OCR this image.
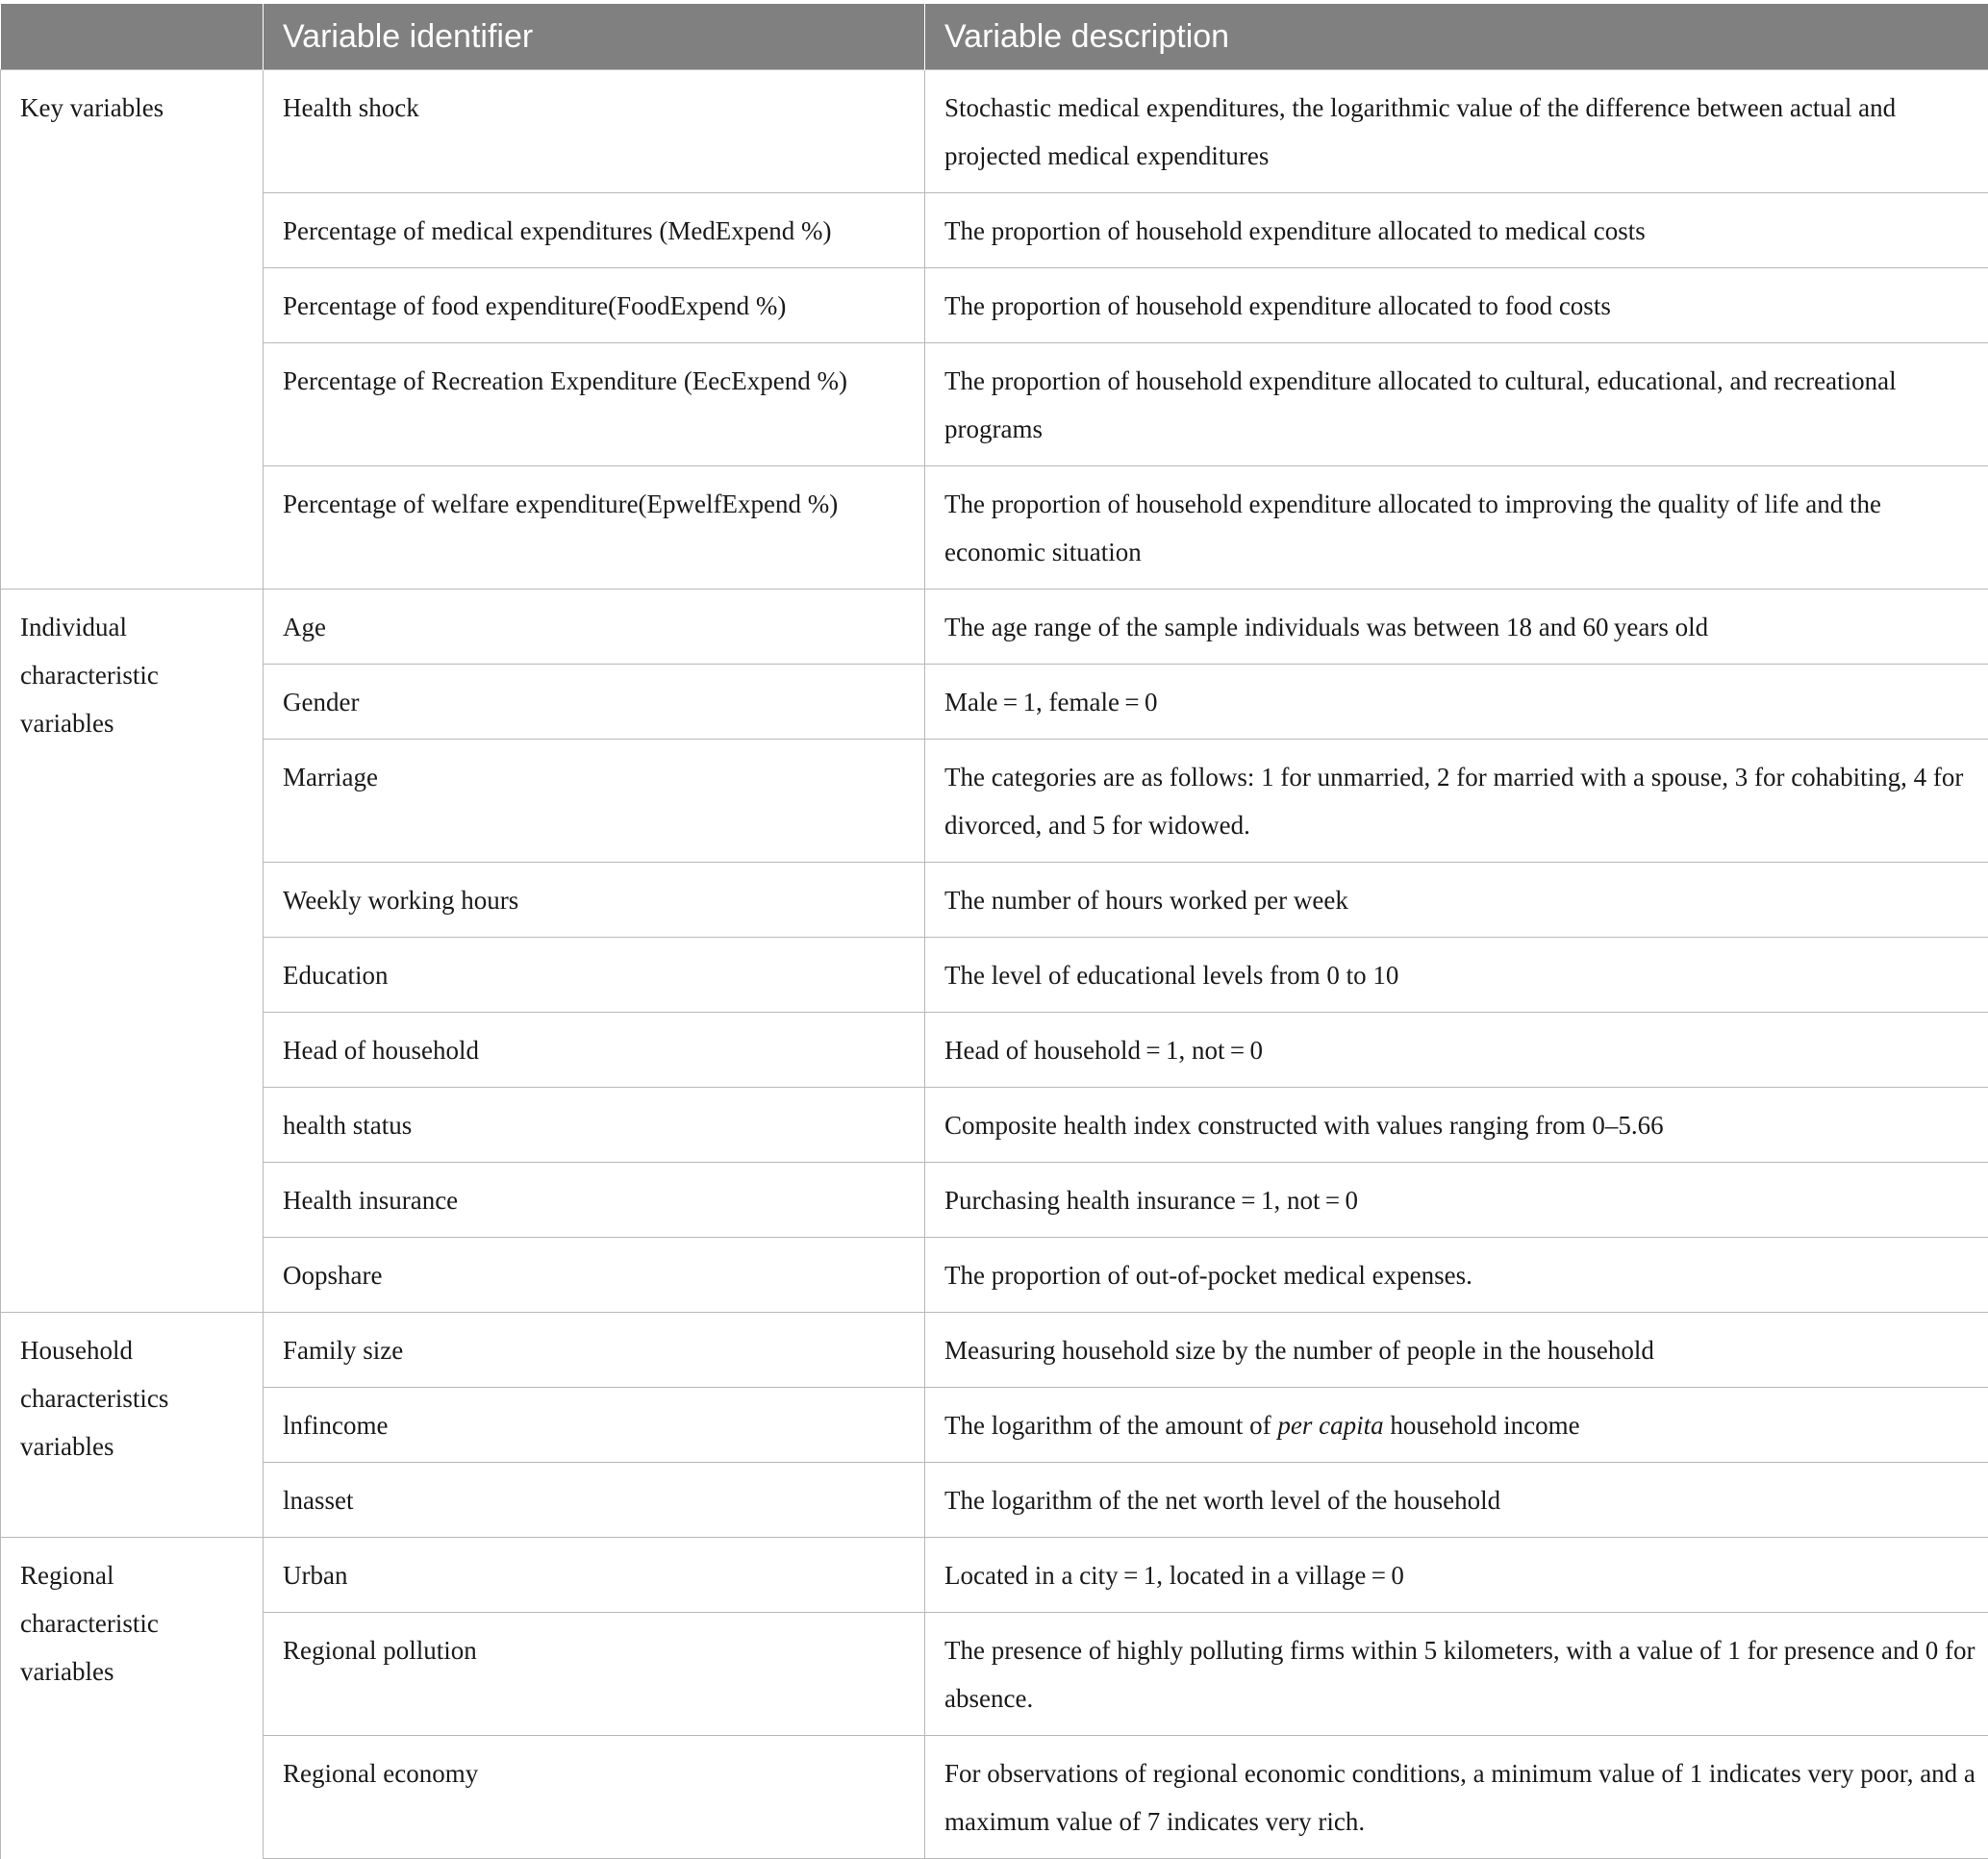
	Variable identifier	Variable description
Key variables	Health shock	Stochastic medical expenditures, the logarithmic value of the difference between actual and projected medical expenditures
	Percentage of medical expenditures (MedExpend %)	The proportion of household expenditure allocated to medical costs
	Percentage of food expenditure(FoodExpend %)	The proportion of household expenditure allocated to food costs
	Percentage of Recreation Expenditure (EecExpend %)	The proportion of household expenditure allocated to cultural, educational, and recreational programs
	Percentage of welfare expenditure(EpwelfExpend %)	The proportion of household expenditure allocated to improving the quality of life and the economic situation
Individual characteristic variables	Age	The age range of the sample individuals was between 18 and 60 years old
	Gender	Male = 1, female = 0
	Marriage	The categories are as follows: 1 for unmarried, 2 for married with a spouse, 3 for cohabiting, 4 for divorced, and 5 for widowed.
	Weekly working hours	The number of hours worked per week
	Education	The level of educational levels from 0 to 10
	Head of household	Head of household = 1, not = 0
	health status	Composite health index constructed with values ranging from 0–5.66
	Health insurance	Purchasing health insurance = 1, not = 0
	Oopshare	The proportion of out-of-pocket medical expenses.
Household characteristics variables	Family size	Measuring household size by the number of people in the household
	lnfincome	The logarithm of the amount of per capita household income
	lnasset	The logarithm of the net worth level of the household
Regional characteristic variables	Urban	Located in a city = 1, located in a village = 0
	Regional pollution	The presence of highly polluting firms within 5 kilometers, with a value of 1 for presence and 0 for absence.
	Regional economy	For observations of regional economic conditions, a minimum value of 1 indicates very poor, and a maximum value of 7 indicates very rich.
